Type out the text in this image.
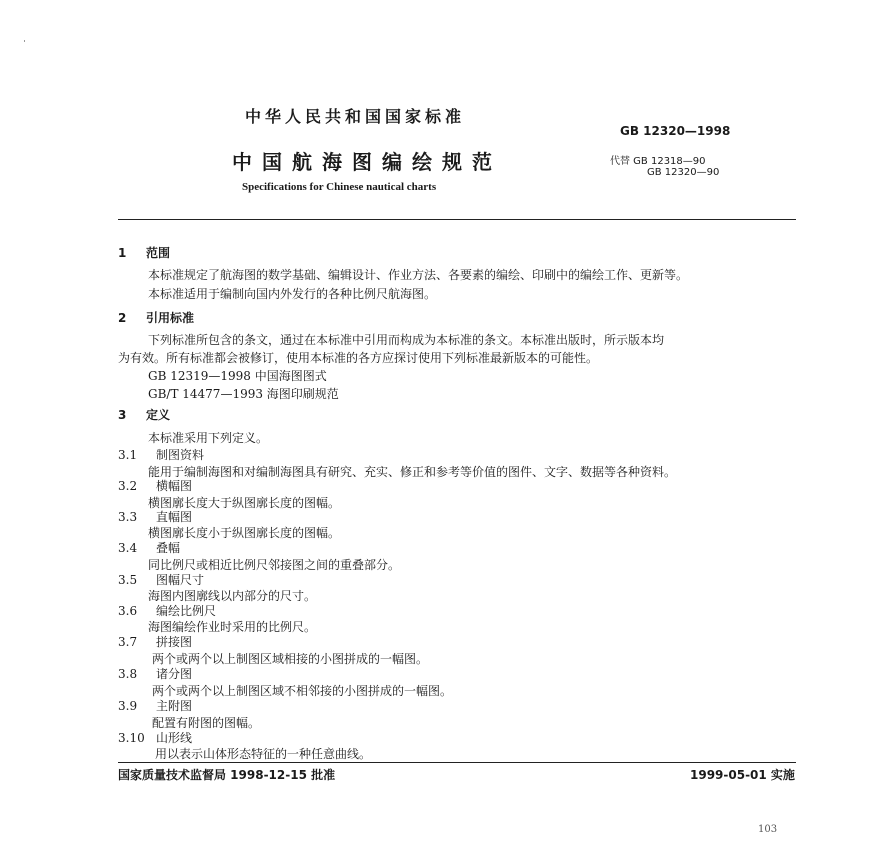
中华人民共和国国家标准
GB 12320—1998
中国航海图编绘规范	代替 GB 12318—90
GB 12320—90
Specifications for Chinese nautical charts
1 范围
本标准规定了航海图的数学基础、编辑设计、作业方法、各要素的编绘、印刷中的编绘工作、更新等。
本标准适用于编制向国内外发行的各种比例尺航海图。
2 引用标准
下列标准所包含的条文，通过在本标准中引用而构成为本标准的条文。本标准出版时，所示版本均
为有效。所有标准都会被修订，使用本标准的各方应探讨使用下列标准最新版本的可能性。
GB 12319—1998 中国海图图式
GB/T 14477—1993 海图印刷规范
3 定义
本标准采用下列定义。
3.1 制图资料
能用于编制海图和对编制海图具有研究、充实、修正和参考等价值的图件、文字、数据等各种资料。
3.2 横幅图
横图廓长度大于纵图廓长度的图幅。
3.3 直幅图
横图廓长度小于纵图廓长度的图幅。
3.4 叠幅
同比例尺或相近比例尺邻接图之间的重叠部分。
3.5 图幅尺寸
海图内图廓线以内部分的尺寸。
3.6 编绘比例尺
海图编绘作业时采用的比例尺。
3.7 拼接图
两个或两个以上制图区域相接的小图拼成的一幅图。
3.8 诸分图
两个或两个以上制图区域不相邻接的小图拼成的一幅图。
3.9 主附图
配置有附图的图幅。
3.10 山形线
用以表示山体形态特征的一种任意曲线。
国家质量技术监督局 1998-12-15 批准	1999-05-01 实施
103
